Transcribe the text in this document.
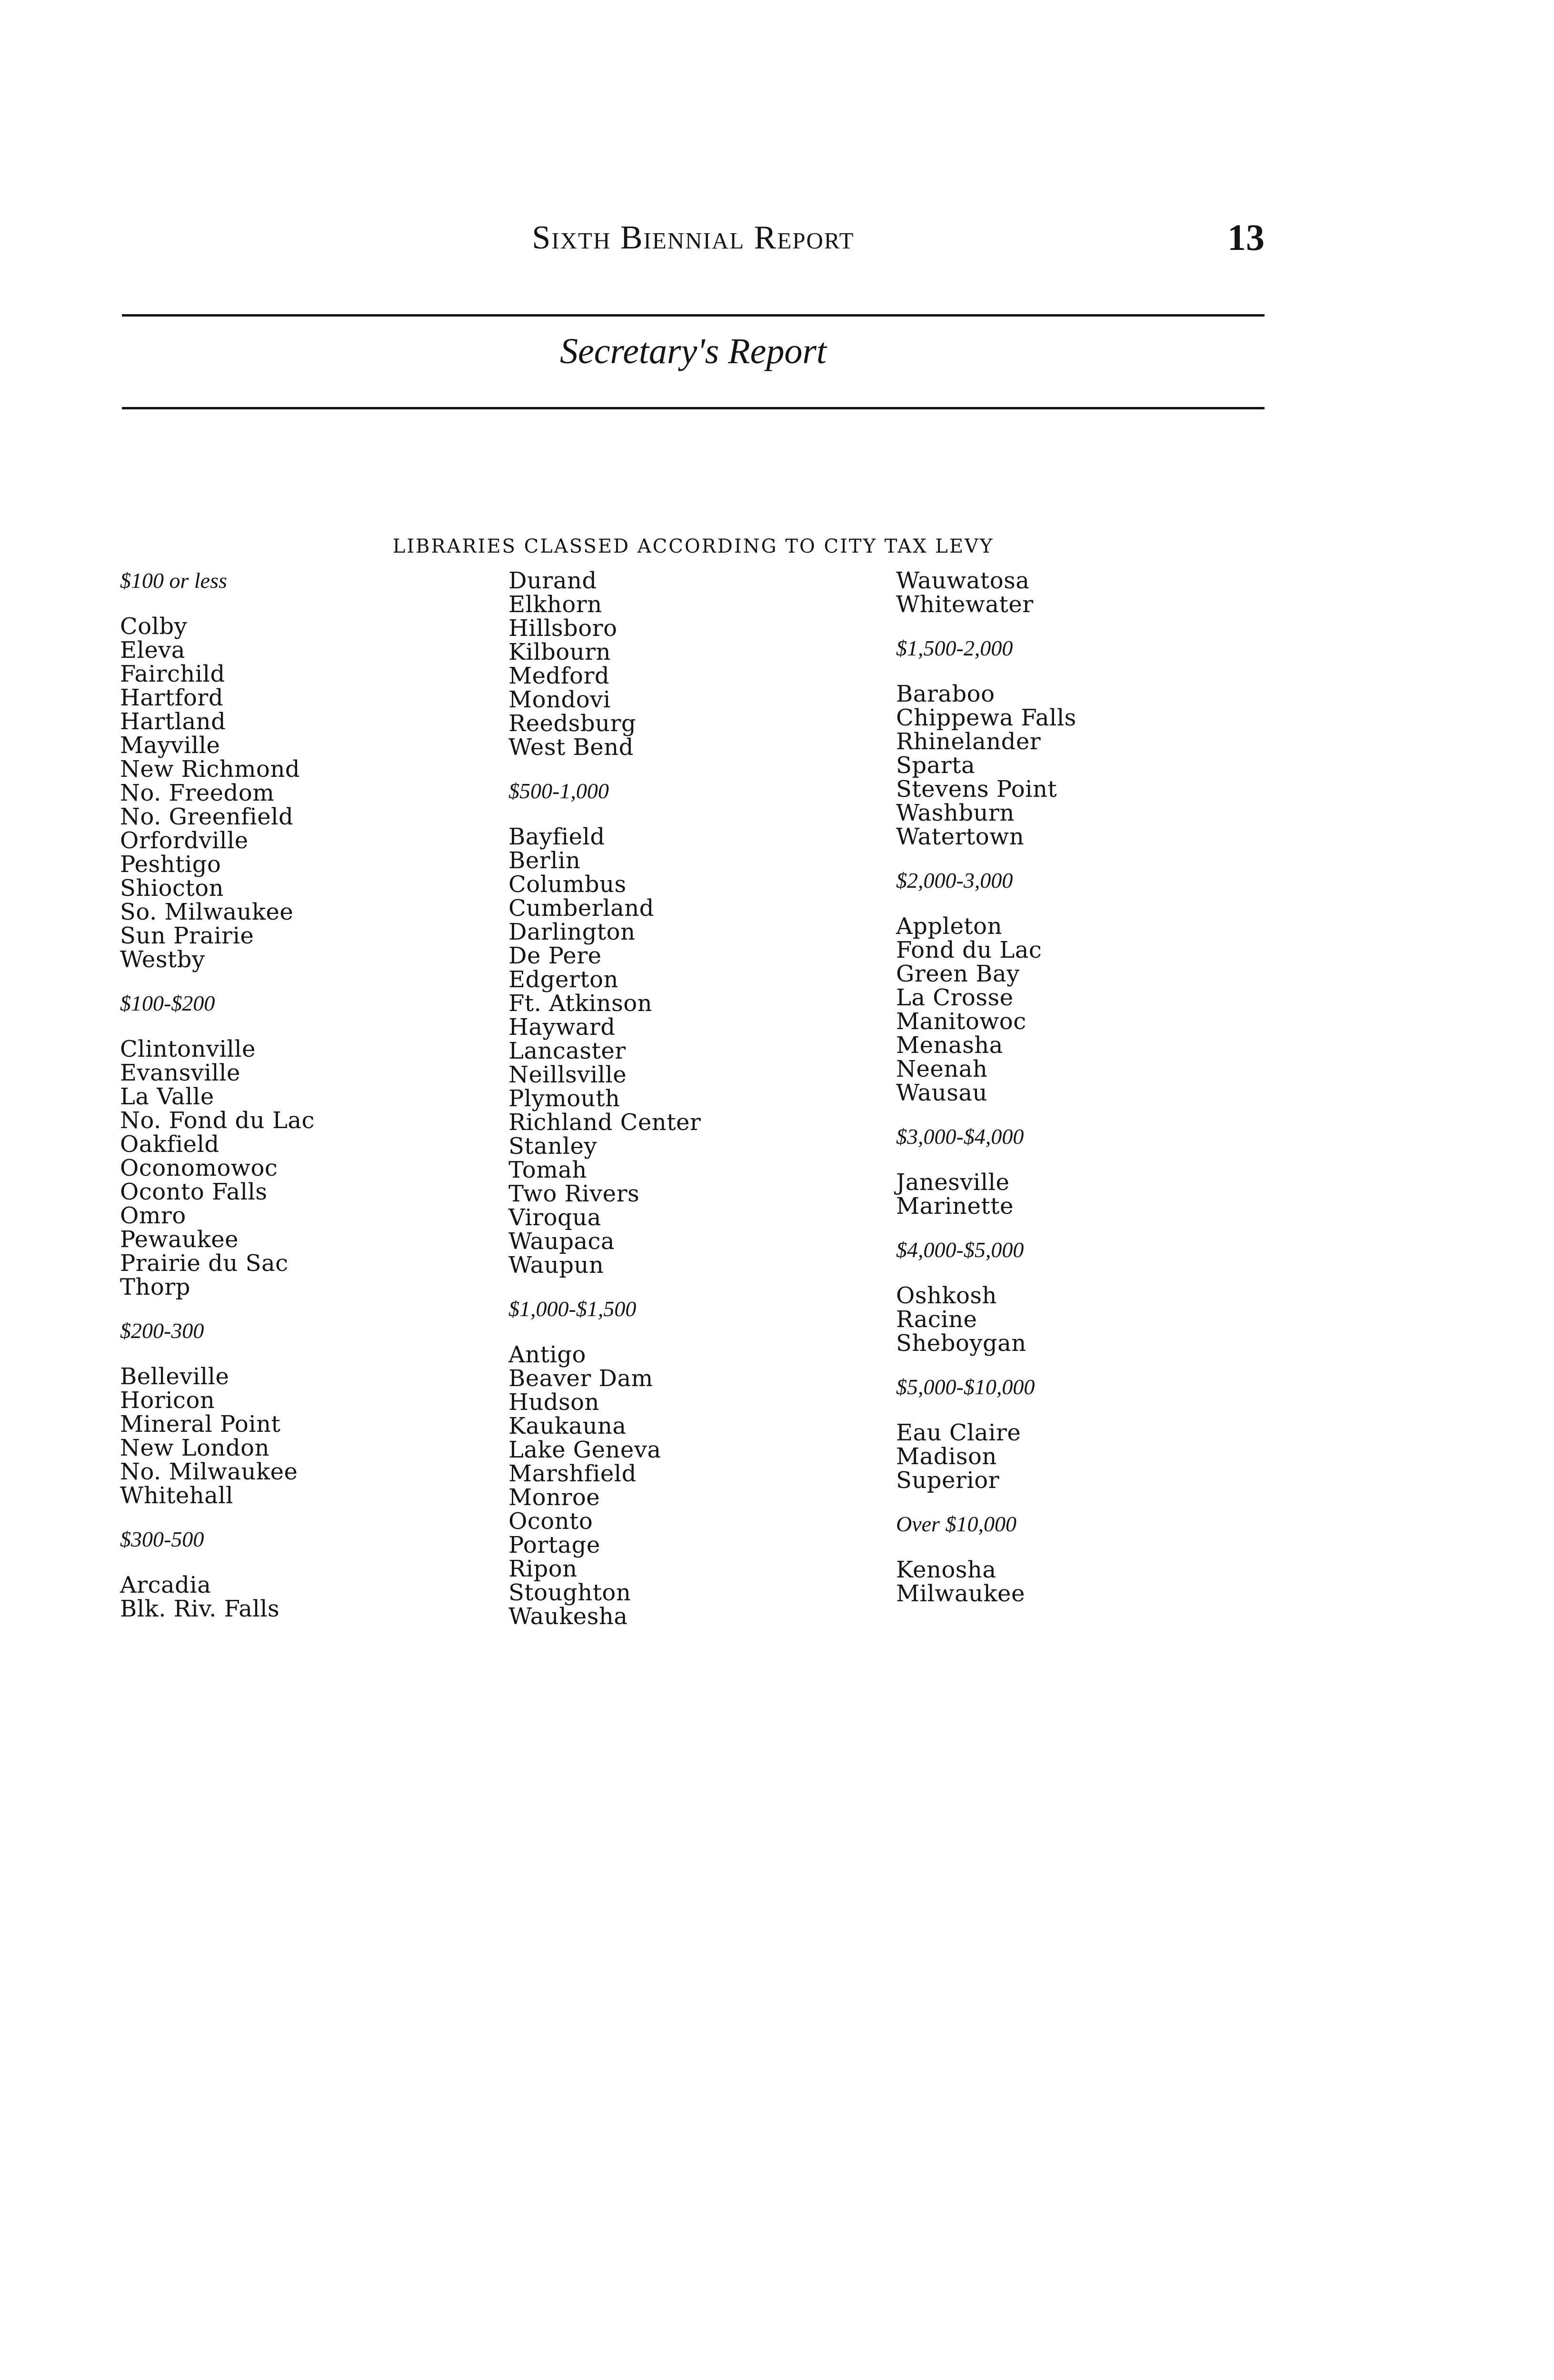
Sixth Biennial Report	13
Secretary's Report
LIBRARIES CLASSED ACCORDING TO CITY TAX LEVY
$100 or less
Colby
Eleva
Fairchild
Hartford
Hartland
Mayville
New Richmond
No. Freedom
No. Greenfield
Orfordville
Peshtigo
Shiocton
So. Milwaukee
Sun Prairie
Westby
$100-$200
Clintonville
Evansville
La Valle
No. Fond du Lac
Oakfield
Oconomowoc
Oconto Falls
Omro
Pewaukee
Prairie du Sac
Thorp
$200-300
Belleville
Horicon
Mineral Point
New London
No. Milwaukee
Whitehall
$300-500
Arcadia
Blk. Riv. Falls
Durand
Elkhorn
Hillsboro
Kilbourn
Medford
Mondovi
Reedsburg
West Bend
$500-1,000
Bayfield
Berlin
Columbus
Cumberland
Darlington
De Pere
Edgerton
Ft. Atkinson
Hayward
Lancaster
Neillsville
Plymouth
Richland Center
Stanley
Tomah
Two Rivers
Viroqua
Waupaca
Waupun
$1,000-$1,500
Antigo
Beaver Dam
Hudson
Kaukauna
Lake Geneva
Marshfield
Monroe
Oconto
Portage
Ripon
Stoughton
Waukesha
Wauwatosa
Whitewater
$1,500-2,000
Baraboo
Chippewa Falls
Rhinelander
Sparta
Stevens Point
Washburn
Watertown
$2,000-3,000
Appleton
Fond du Lac
Green Bay
La Crosse
Manitowoc
Menasha
Neenah
Wausau
$3,000-$4,000
Janesville
Marinette
$4,000-$5,000
Oshkosh
Racine
Sheboygan
$5,000-$10,000
Eau Claire
Madison
Superior
Over $10,000
Kenosha
Milwaukee
